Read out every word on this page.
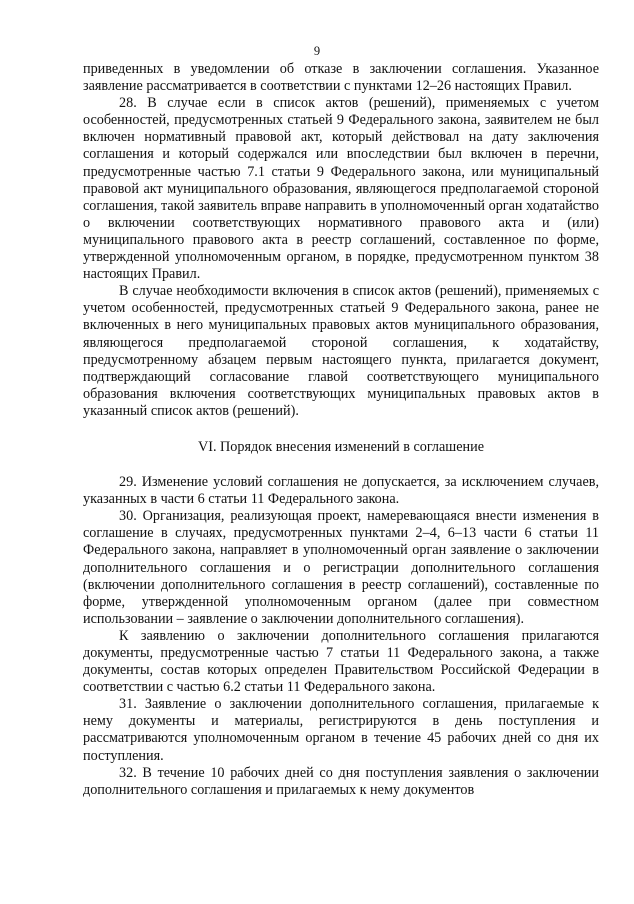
9

приведенных в уведомлении об отказе в заключении соглашения. Указанное заявление рассматривается в соответствии с пунктами 12–26 настоящих Правил.

28. В случае если в список актов (решений), применяемых с учетом особенностей, предусмотренных статьей 9 Федерального закона, заявителем не был включен нормативный правовой акт, который действовал на дату заключения соглашения и который содержался или впоследствии был включен в перечни, предусмотренные частью 7.1 статьи 9 Федерального закона, или муниципальный правовой акт муниципального образования, являющегося предполагаемой стороной соглашения, такой заявитель вправе направить в уполномоченный орган ходатайство о включении соответствующих нормативного правового акта и (или) муниципального правового акта в реестр соглашений, составленное по форме, утвержденной уполномоченным органом, в порядке, предусмотренном пунктом 38 настоящих Правил.

В случае необходимости включения в список актов (решений), применяемых с учетом особенностей, предусмотренных статьей 9 Федерального закона, ранее не включенных в него муниципальных правовых актов муниципального образования, являющегося предполагаемой стороной соглашения, к ходатайству, предусмотренному абзацем первым настоящего пункта, прилагается документ, подтверждающий согласование главой соответствующего муниципального образования включения соответствующих муниципальных правовых актов в указанный список актов (решений).

VI. Порядок внесения изменений в соглашение

29. Изменение условий соглашения не допускается, за исключением случаев, указанных в части 6 статьи 11 Федерального закона.

30. Организация, реализующая проект, намеревающаяся внести изменения в соглашение в случаях, предусмотренных пунктами 2–4, 6–13 части 6 статьи 11 Федерального закона, направляет в уполномоченный орган заявление о заключении дополнительного соглашения и о регистрации дополнительного соглашения (включении дополнительного соглашения в реестр соглашений), составленные по форме, утвержденной уполномоченным органом (далее при совместном использовании – заявление о заключении дополнительного соглашения).

К заявлению о заключении дополнительного соглашения прилагаются документы, предусмотренные частью 7 статьи 11 Федерального закона, а также документы, состав которых определен Правительством Российской Федерации в соответствии с частью 6.2 статьи 11 Федерального закона.

31. Заявление о заключении дополнительного соглашения, прилагаемые к нему документы и материалы, регистрируются в день поступления и рассматриваются уполномоченным органом в течение 45 рабочих дней со дня их поступления.

32. В течение 10 рабочих дней со дня поступления заявления о заключении дополнительного соглашения и прилагаемых к нему документов
